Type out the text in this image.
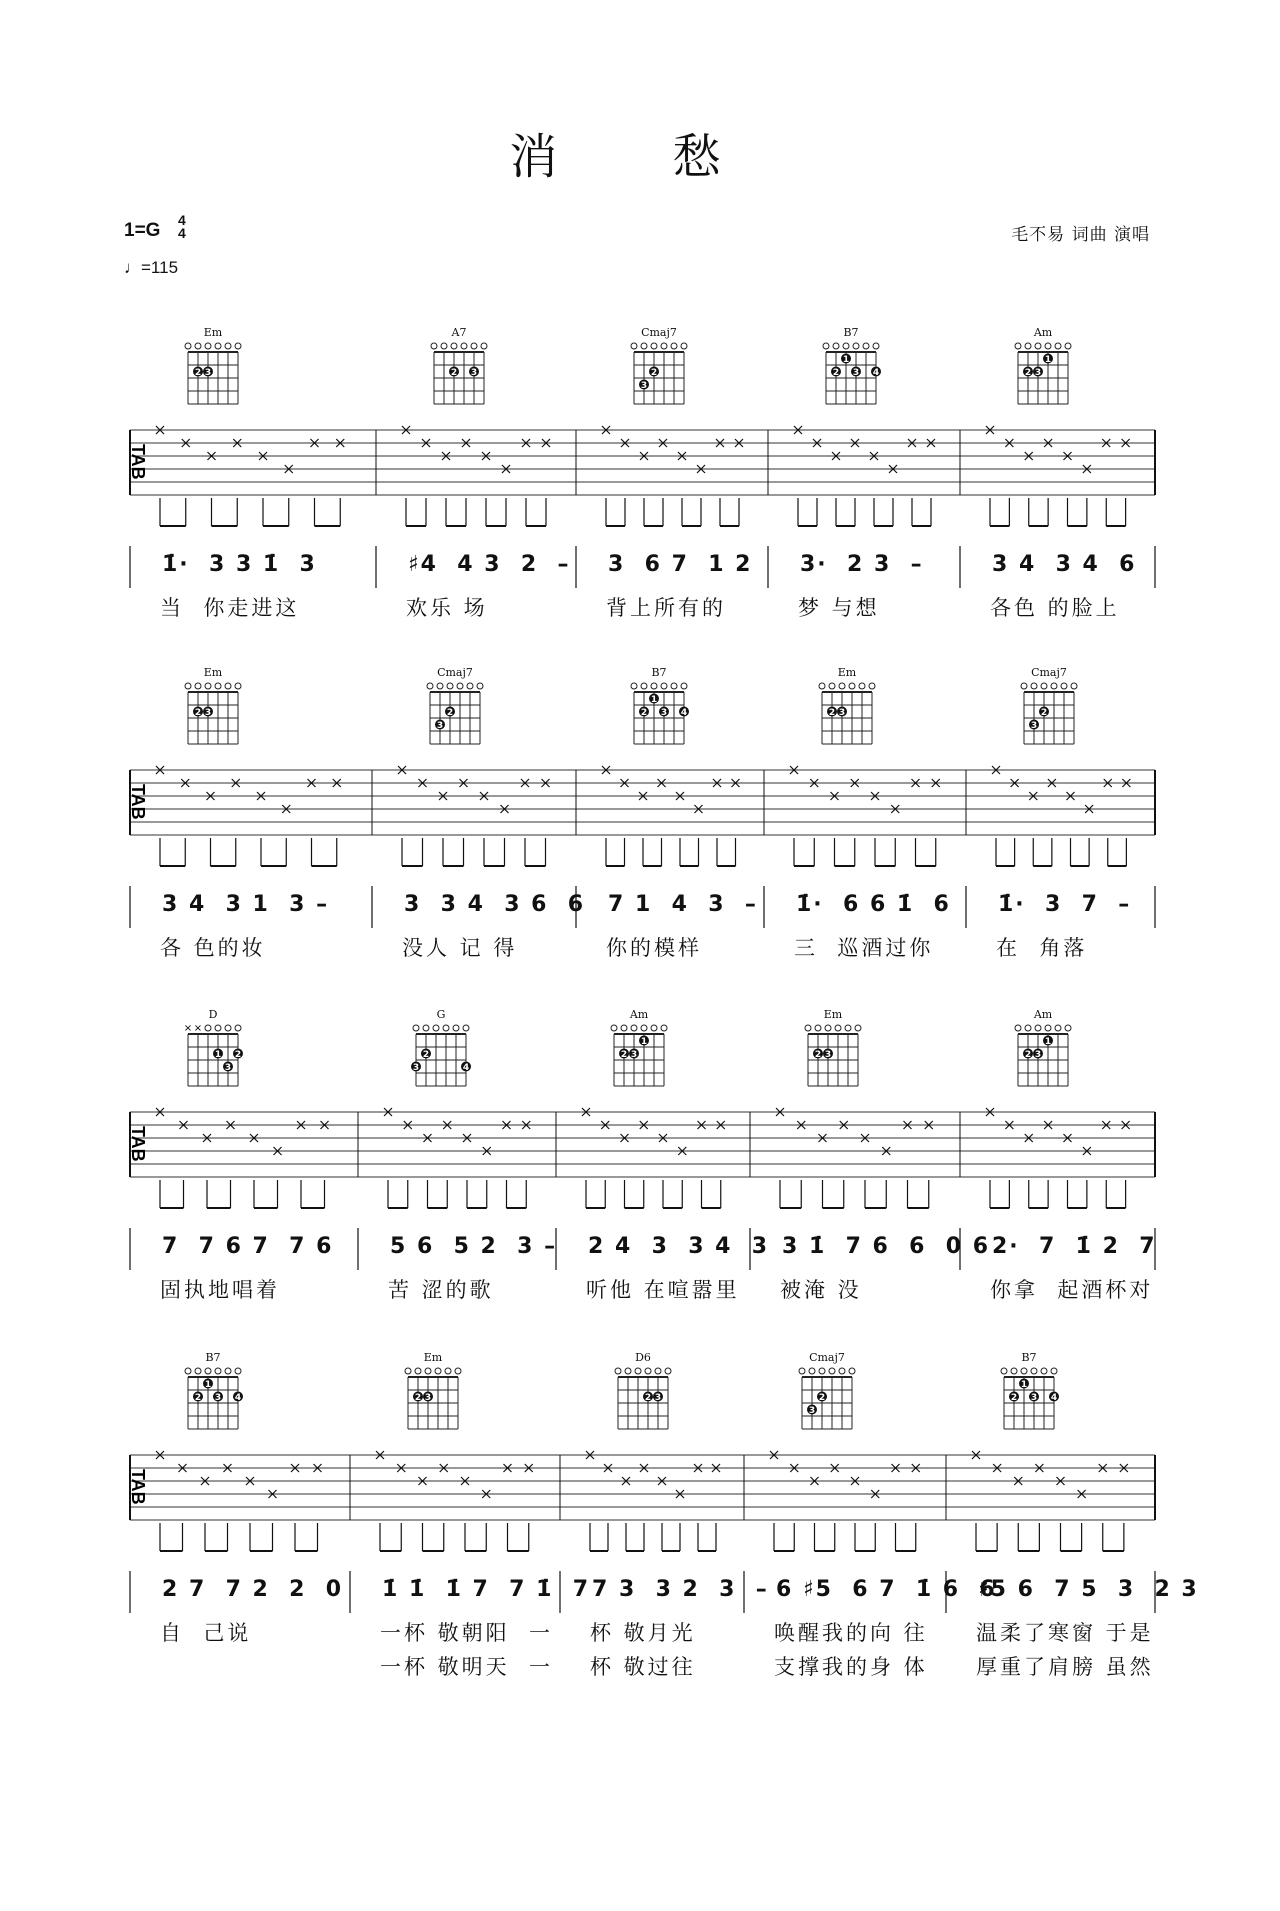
消 愁
1=G 4
4
♩=115
毛不易 词曲 演唱
Em
2 3
A7
2 3
Cmaj7
2
3
B7
1
2 3 4
Am
1
2 3
TAB
1̇·  3 3 1̇  3
当  你走进这
♯4  4 3  2  –
欢乐 场
3  6 7  1 2
背上所有的
3·  2 3  –
梦 与想
3 4  3 4  6
各色 的脸上
Em
2 3
Cmaj7
2
3
B7
1
2 3 4
Em
2 3
Cmaj7
2
3
TAB
3 4  3 1  3 –
各 色的妆
3  3 4  3 6  6
没人 记 得
7 1  4  3  –
你的模样
1̇·  6 6 1̇  6
三  巡酒过你
1̇·  3  7  –
在  角落
D
× ×
1 2
3
G
2
3	4
Am
1
2 3
Em
2 3
Am
1
2 3
TAB
7  7 6 7  7 6
固执地唱着
5 6  5 2  3 –
苦 涩的歌
2 4  3  3 4  3
听他 在喧嚣里
3 1̇  7 6  6  0 6
被淹 没
2·  7  1̇ 2  7
你拿  起酒杯对
B7
1
2 3 4
Em
2 3
D6
2 3
Cmaj7
2
3
B7
1
2 3 4
TAB
2 7  7 2  2  0
自  己说
1̇ 1̇  1̇ 7  7 1̇  7
一杯 敬朝阳  一
一杯 敬明天  一
7 3  3 2  3  –
杯 敬月光
杯 敬过往
6 ♯5  6 7  1̇ 6  6
唤醒我的向 往
支撑我的身 体
♯5 6  7 5  3  2 3
温柔了寒窗 于是
厚重了肩膀 虽然
